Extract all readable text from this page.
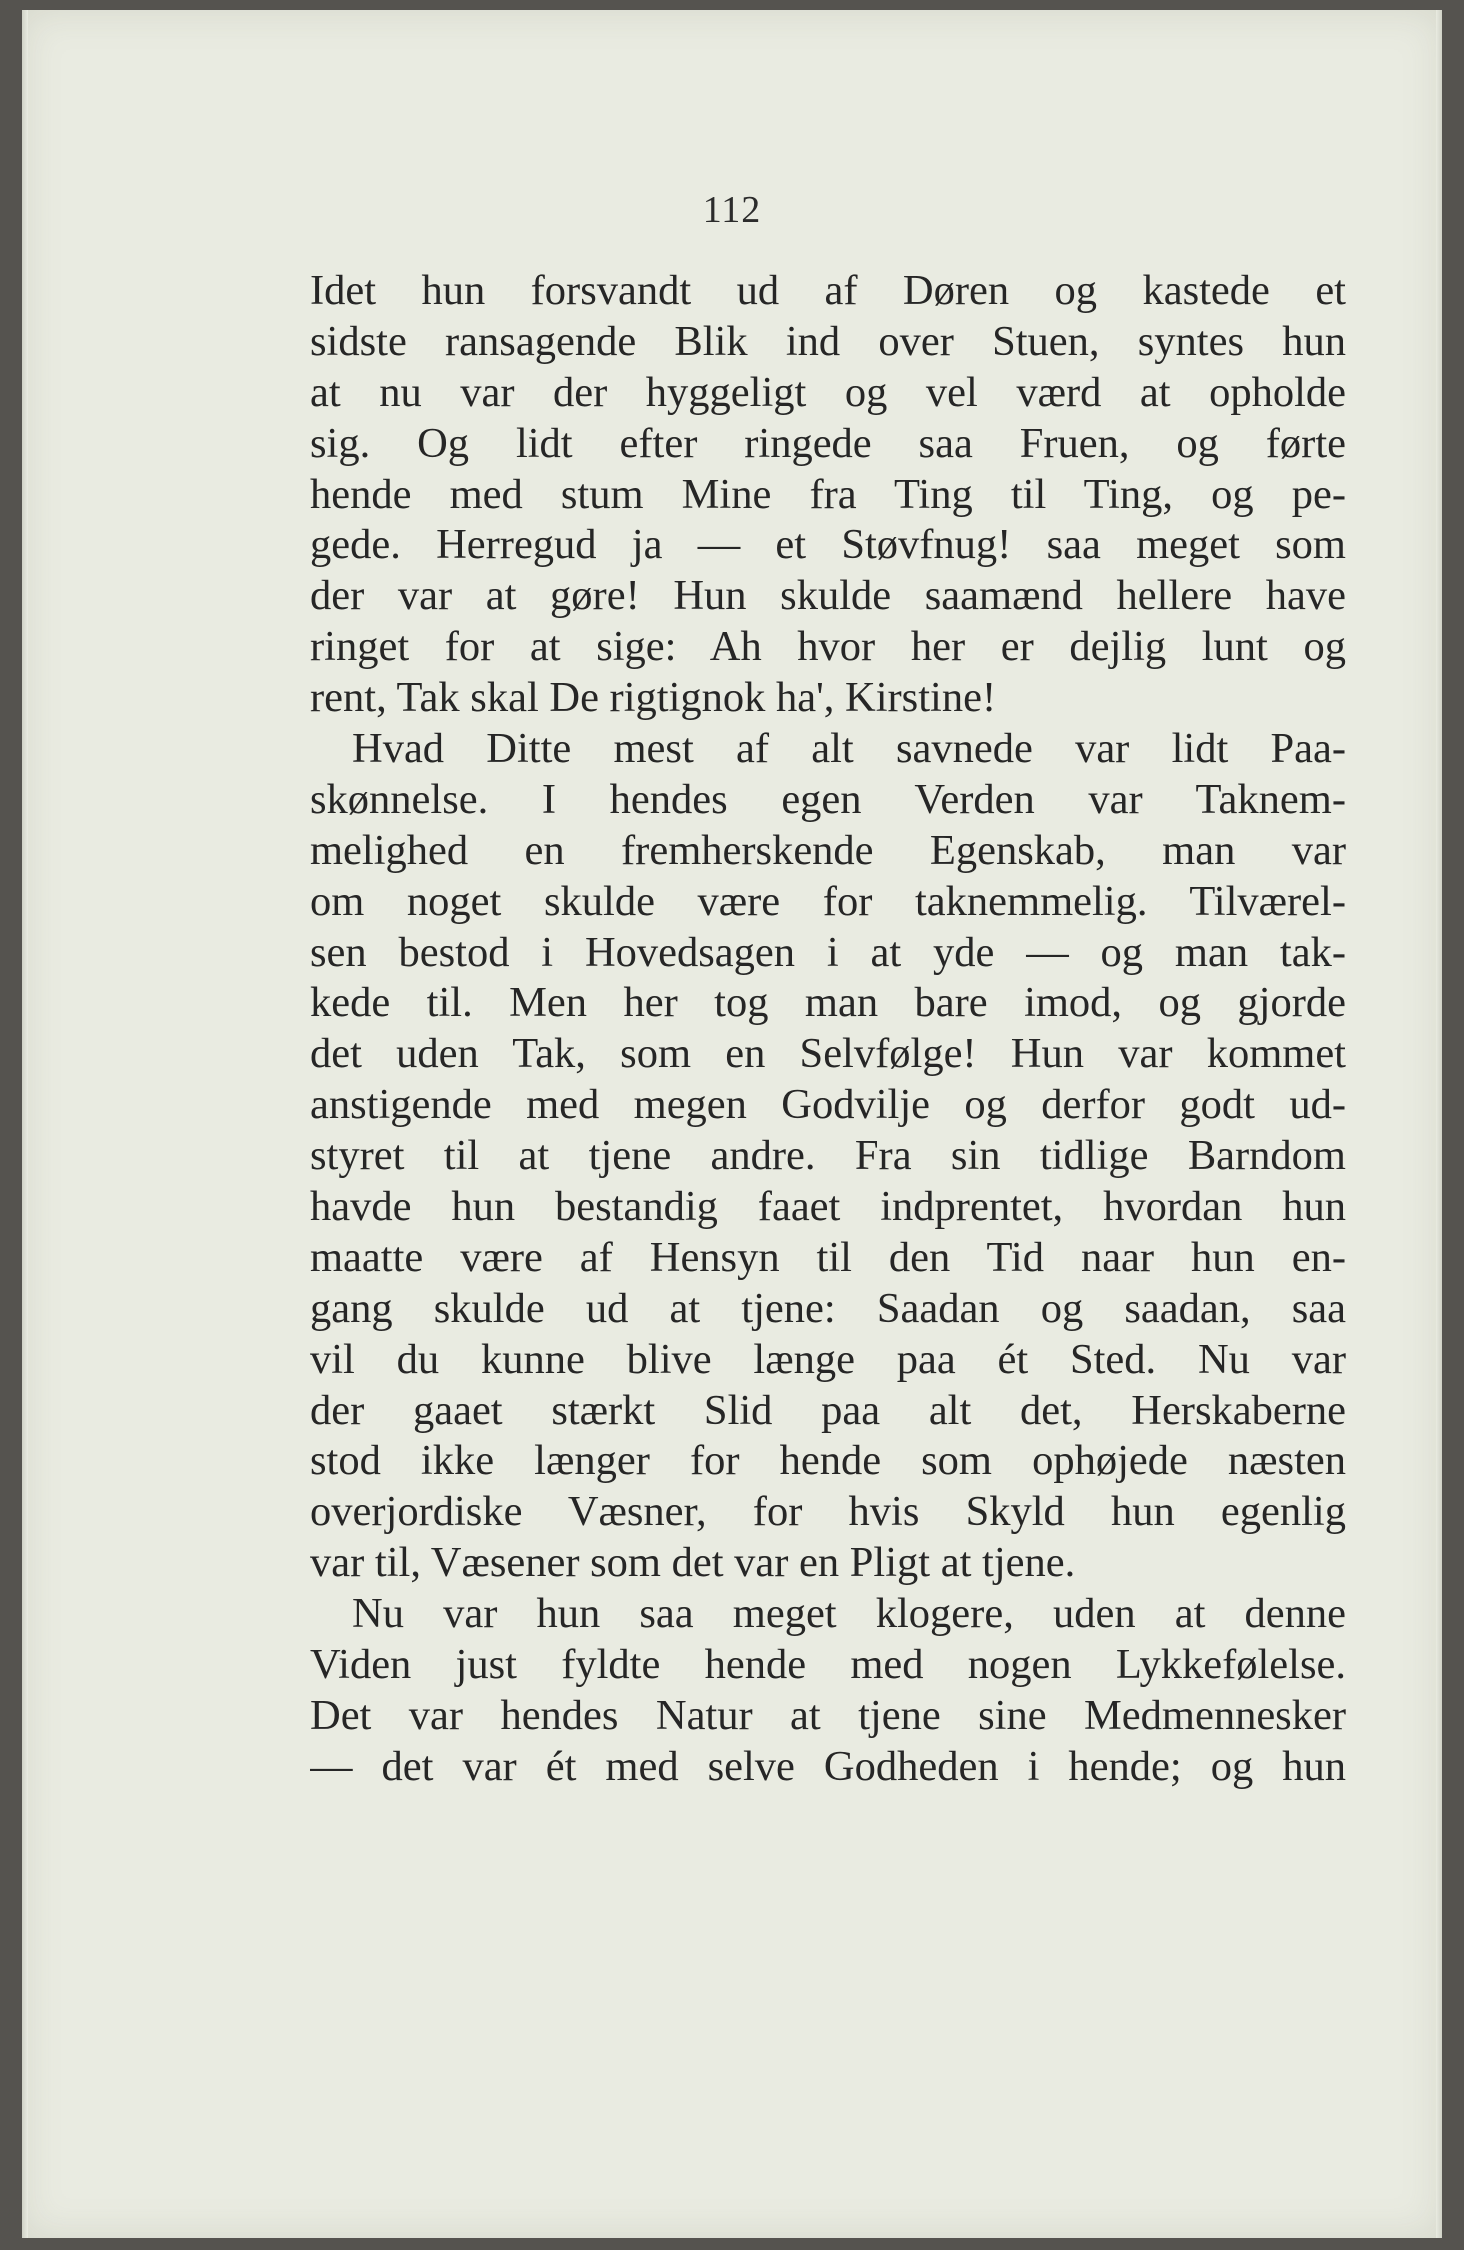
112
Idet hun forsvandt ud af Døren og kastede et
sidste ransagende Blik ind over Stuen, syntes hun
at nu var der hyggeligt og vel værd at opholde
sig. Og lidt efter ringede saa Fruen, og førte
hende med stum Mine fra Ting til Ting, og pe-
gede. Herregud ja — et Støvfnug! saa meget som
der var at gøre! Hun skulde saamænd hellere have
ringet for at sige: Ah hvor her er dejlig lunt og
rent, Tak skal De rigtignok ha', Kirstine!
Hvad Ditte mest af alt savnede var lidt Paa-
skønnelse. I hendes egen Verden var Taknem-
melighed en fremherskende Egenskab, man var
om noget skulde være for taknemmelig. Tilværel-
sen bestod i Hovedsagen i at yde — og man tak-
kede til. Men her tog man bare imod, og gjorde
det uden Tak, som en Selvfølge! Hun var kommet
anstigende med megen Godvilje og derfor godt ud-
styret til at tjene andre. Fra sin tidlige Barndom
havde hun bestandig faaet indprentet, hvordan hun
maatte være af Hensyn til den Tid naar hun en-
gang skulde ud at tjene: Saadan og saadan, saa
vil du kunne blive længe paa ét Sted. Nu var
der gaaet stærkt Slid paa alt det, Herskaberne
stod ikke længer for hende som ophøjede næsten
overjordiske Væsner, for hvis Skyld hun egenlig
var til, Væsener som det var en Pligt at tjene.
Nu var hun saa meget klogere, uden at denne
Viden just fyldte hende med nogen Lykkefølelse.
Det var hendes Natur at tjene sine Medmennesker
— det var ét med selve Godheden i hende; og hun
